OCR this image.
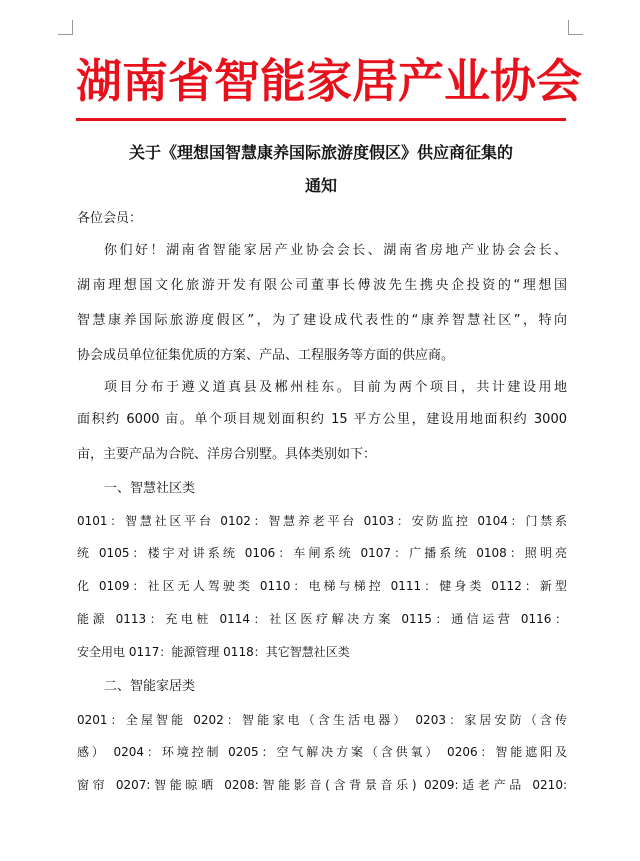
湖南省智能家居产业协会
关于《理想国智慧康养国际旅游度假区》供应商征集的
通知
各位会员：
你们好！湖南省智能家居产业协会会长、湖南省房地产业协会会长、
湖南理想国文化旅游开发有限公司董事长傅波先生携央企投资的“理想国
智慧康养国际旅游度假区”，为了建设成代表性的“康养智慧社区”，特向
协会成员单位征集优质的方案、产品、工程服务等方面的供应商。
项目分布于遵义道真县及郴州桂东。目前为两个项目，共计建设用地
面积约 6000 亩。单个项目规划面积约 15 平方公里，建设用地面积约 3000
亩，主要产品为合院、洋房合别墅。具体类别如下：
一、智慧社区类
0101：智慧社区平台 0102：智慧养老平台 0103：安防监控 0104：门禁系
统 0105：楼宇对讲系统 0106：车闸系统 0107：广播系统 0108：照明亮
化 0109：社区无人驾驶类 0110：电梯与梯控 0111：健身类 0112：新型
能源 0113：充电桩 0114：社区医疗解决方案 0115：通信运营 0116：
安全用电 0117：能源管理 0118：其它智慧社区类
二、智能家居类
0201：全屋智能 0202：智能家电（含生活电器） 0203：家居安防（含传
感） 0204：环境控制 0205：空气解决方案（含供氧） 0206：智能遮阳及
窗帘 0207:智能晾晒 0208:智能影音(含背景音乐) 0209:适老产品 0210:
